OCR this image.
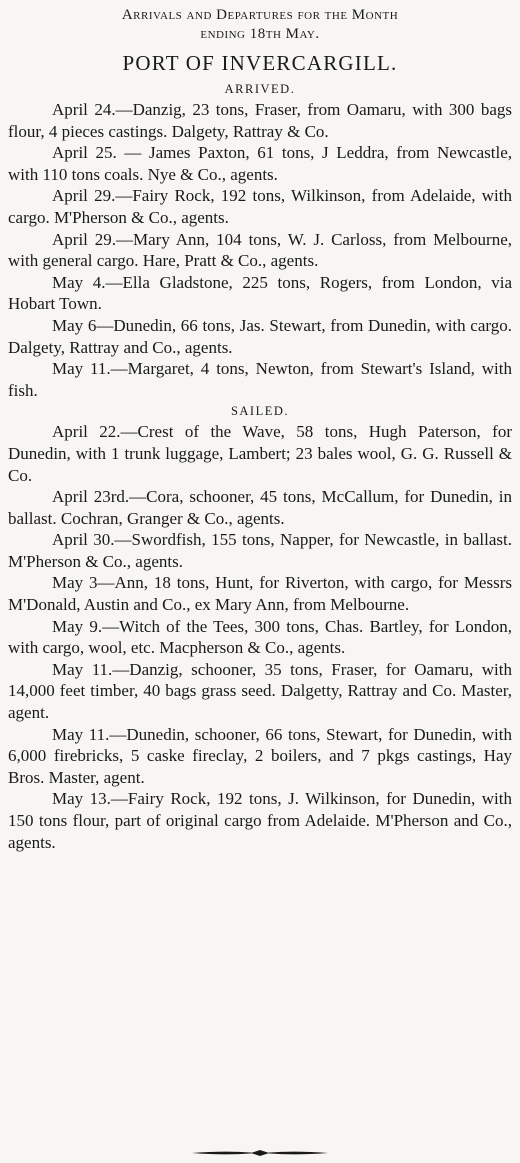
Arrivals and Departures for the Month

ending 18th May.

PORT OF INVERCARGILL.
ARRIVED.

April 24.—Danzig, 23 tons, Fraser, from Oamaru, with 300 bags flour, 4 pieces castings. Dalgety, Rattray & Co.

April 25. — James Paxton, 61 tons, J Leddra, from Newcastle, with 110 tons coals. Nye & Co., agents.

April 29.—Fairy Rock, 192 tons, Wilkinson, from Adelaide, with cargo. M'Pherson & Co., agents.

April 29.—Mary Ann, 104 tons, W. J. Carloss, from Melbourne, with general cargo. Hare, Pratt & Co., agents.

May 4.—Ella Gladstone, 225 tons, Rogers, from London, via Hobart Town.

May 6—Dunedin, 66 tons, Jas. Stewart, from Dunedin, with cargo. Dalgety, Rattray and Co., agents.

May 11.—Margaret, 4 tons, Newton, from Stewart's Island, with fish.

SAILED.

April 22.—Crest of the Wave, 58 tons, Hugh Paterson, for Dunedin, with 1 trunk luggage, Lambert; 23 bales wool, G. G. Russell & Co.

April 23rd.—Cora, schooner, 45 tons, McCallum, for Dunedin, in ballast. Cochran, Granger & Co., agents.

April 30.—Swordfish, 155 tons, Napper, for Newcastle, in ballast. M'Pherson & Co., agents.

May 3—Ann, 18 tons, Hunt, for Riverton, with cargo, for Messrs M'Donald, Austin and Co., ex Mary Ann, from Melbourne.

May 9.—Witch of the Tees, 300 tons, Chas. Bartley, for London, with cargo, wool, etc. Macpherson & Co., agents.

May 11.—Danzig, schooner, 35 tons, Fraser, for Oamaru, with 14,000 feet timber, 40 bags grass seed. Dalgetty, Rattray and Co. Master, agent.

May 11.—Dunedin, schooner, 66 tons, Stewart, for Dunedin, with 6,000 firebricks, 5 caske fireclay, 2 boilers, and 7 pkgs castings, Hay Bros. Master, agent.

May 13.—Fairy Rock, 192 tons, J. Wilkinson, for Dunedin, with 150 tons flour, part of original cargo from Adelaide. M'Pherson and Co., agents.
